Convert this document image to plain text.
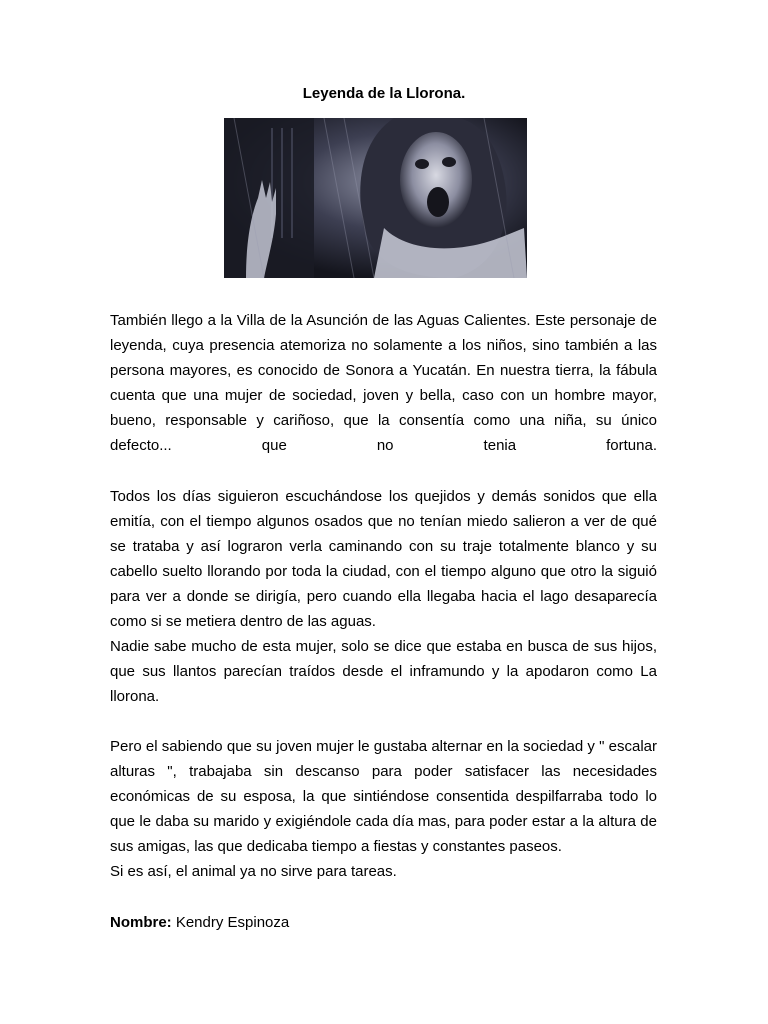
Leyenda de la Llorona.

También llego a la Villa de la Asunción de las Aguas Calientes. Este personaje de leyenda, cuya presencia atemoriza no solamente a los niños, sino también a las persona mayores, es conocido de Sonora a Yucatán. En nuestra tierra, la fábula cuenta que una mujer de sociedad, joven y bella, caso con un hombre mayor, bueno, responsable y cariñoso, que la consentía como una niña, su único defecto... que no tenia fortuna.

Todos los días siguieron escuchándose los quejidos y demás sonidos que ella emitía, con el tiempo algunos osados que no tenían miedo salieron a ver de qué se trataba y así lograron verla caminando con su traje totalmente blanco y su cabello suelto llorando por toda la ciudad, con el tiempo alguno que otro la siguió para ver a donde se dirigía, pero cuando ella llegaba hacia el lago desaparecía como si se metiera dentro de las aguas.

Nadie sabe mucho de esta mujer, solo se dice que estaba en busca de sus hijos, que sus llantos parecían traídos desde el inframundo y la apodaron como La llorona.

Pero el sabiendo que su joven mujer le gustaba alternar en la sociedad y " escalar alturas ", trabajaba sin descanso para poder satisfacer las necesidades económicas de su esposa, la que sintiéndose consentida despilfarraba todo lo que le daba su marido y exigiéndole cada día mas, para poder estar a la altura de sus amigas, las que dedicaba tiempo a fiestas y constantes paseos.

Si es así, el animal ya no sirve para tareas.

Nombre: Kendry Espinoza
